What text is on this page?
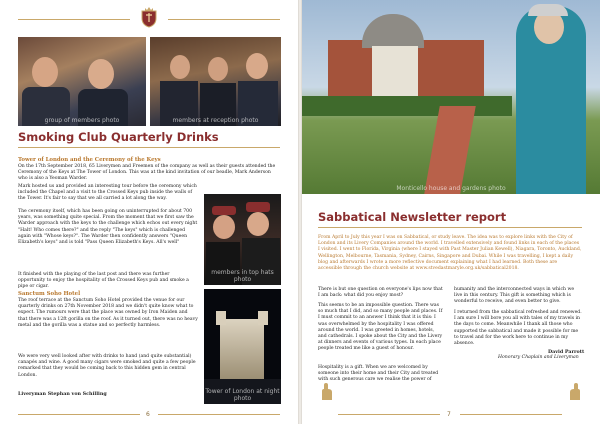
group of members photo	members at reception photo
Smoking Club Quarterly Drinks
Tower of London and the Ceremony of the Keys
On the 17th September 2018, 65 Liverymen and Freemen of the company as well as their guests attended the Ceremony of the Keys at The Tower of London. This was at the kind invitation of our beadle, Mark Anderson who is also a Yeoman Warder.
Mark hosted us and provided an interesting tour before the ceremony which included the Chapel and a visit to the Crossed Keys pub inside the walls of the Tower. It's fair to say that we all carried a lot along the way.
The ceremony itself, which has been going on uninterrupted for about 700 years, was something quite special. From the moment that we first saw the Warder approach with the keys to the challenge which echos out every night "Halt! Who comes there?" and the reply "The keys" which is challenged again with "Whose keys?". The Warder then confidently answers "Queen Elizabeth's keys" and is told "Pass Queen Elizabeth's Keys. All's well"
It finished with the playing of the last post and there was further opportunity to enjoy the hospitality of the Crossed Keys pub and smoke a pipe or cigar.
Sanctum Soho Hotel
The roof terrace at the Sanctum Soho Hotel provided the venue for our quarterly drinks on 27th November 2018 and we didn't quite know what to expect. The rumours were that the place was owned by Iron Maiden and that there was a 12ft gorilla on the roof. As it turned out, there was no heavy metal and the gorilla was a statue and so perfectly harmless.
We were very well looked after with drinks to hand (and quite substantial) canapés and wine. A good many cigars were smoked and quite a few people remarked that they would be coming back to this hidden gem in central London.
Liveryman Stephan von Schilling
members in top hats photo
Tower of London at night photo
6
Monticello house and gardens photo
Sabbatical Newsletter report
From April to July this year I was on Sabbatical, or study leave. The idea was to explore links with the City of London and its Livery Companies around the world. I travelled extensively and found links in each of the places I visited. I went to Florida, Virginia (where I stayed with Past Master Julian Kewell), Niagara, Toronto, Auckland, Wellington, Melbourne, Tasmania, Sydney, Cairns, Singapore and Dubai. While I was travelling, I kept a daily blog and afterwards I wrote a more reflective document explaining what I had learned. Both these are accessible through the church website at www.stvedastmaryle.org.uk/sabbatical2018.
There is but one question on everyone's lips now that I am back: what did you enjoy most?
This seems to be an impossible question. There was so much that I did, and so many people and places. If I must commit to an answer I think that it is this: I was overwhelmed by the hospitality I was offered around the world. I was greeted in homes, hotels, and cathedrals. I spoke about the City and the Livery at dinners and events of various types. In each place people treated me like a guest of honour.
Hospitality is a gift. When we are welcomed by someone into their home and their City and treated with such generous care we realise the power of
humanity and the interconnected ways in which we live in this century. This gift is something which is wonderful to receive, and even better to give.
I returned from the sabbatical refreshed and renewed. I am sure I will bore you all with tales of my travels in the days to come. Meanwhile I thank all those who supported the sabbatical and made it possible for me to travel and for the work here to continue in my absence.
David Parrott
Honorary Chaplain and Liveryman
7
